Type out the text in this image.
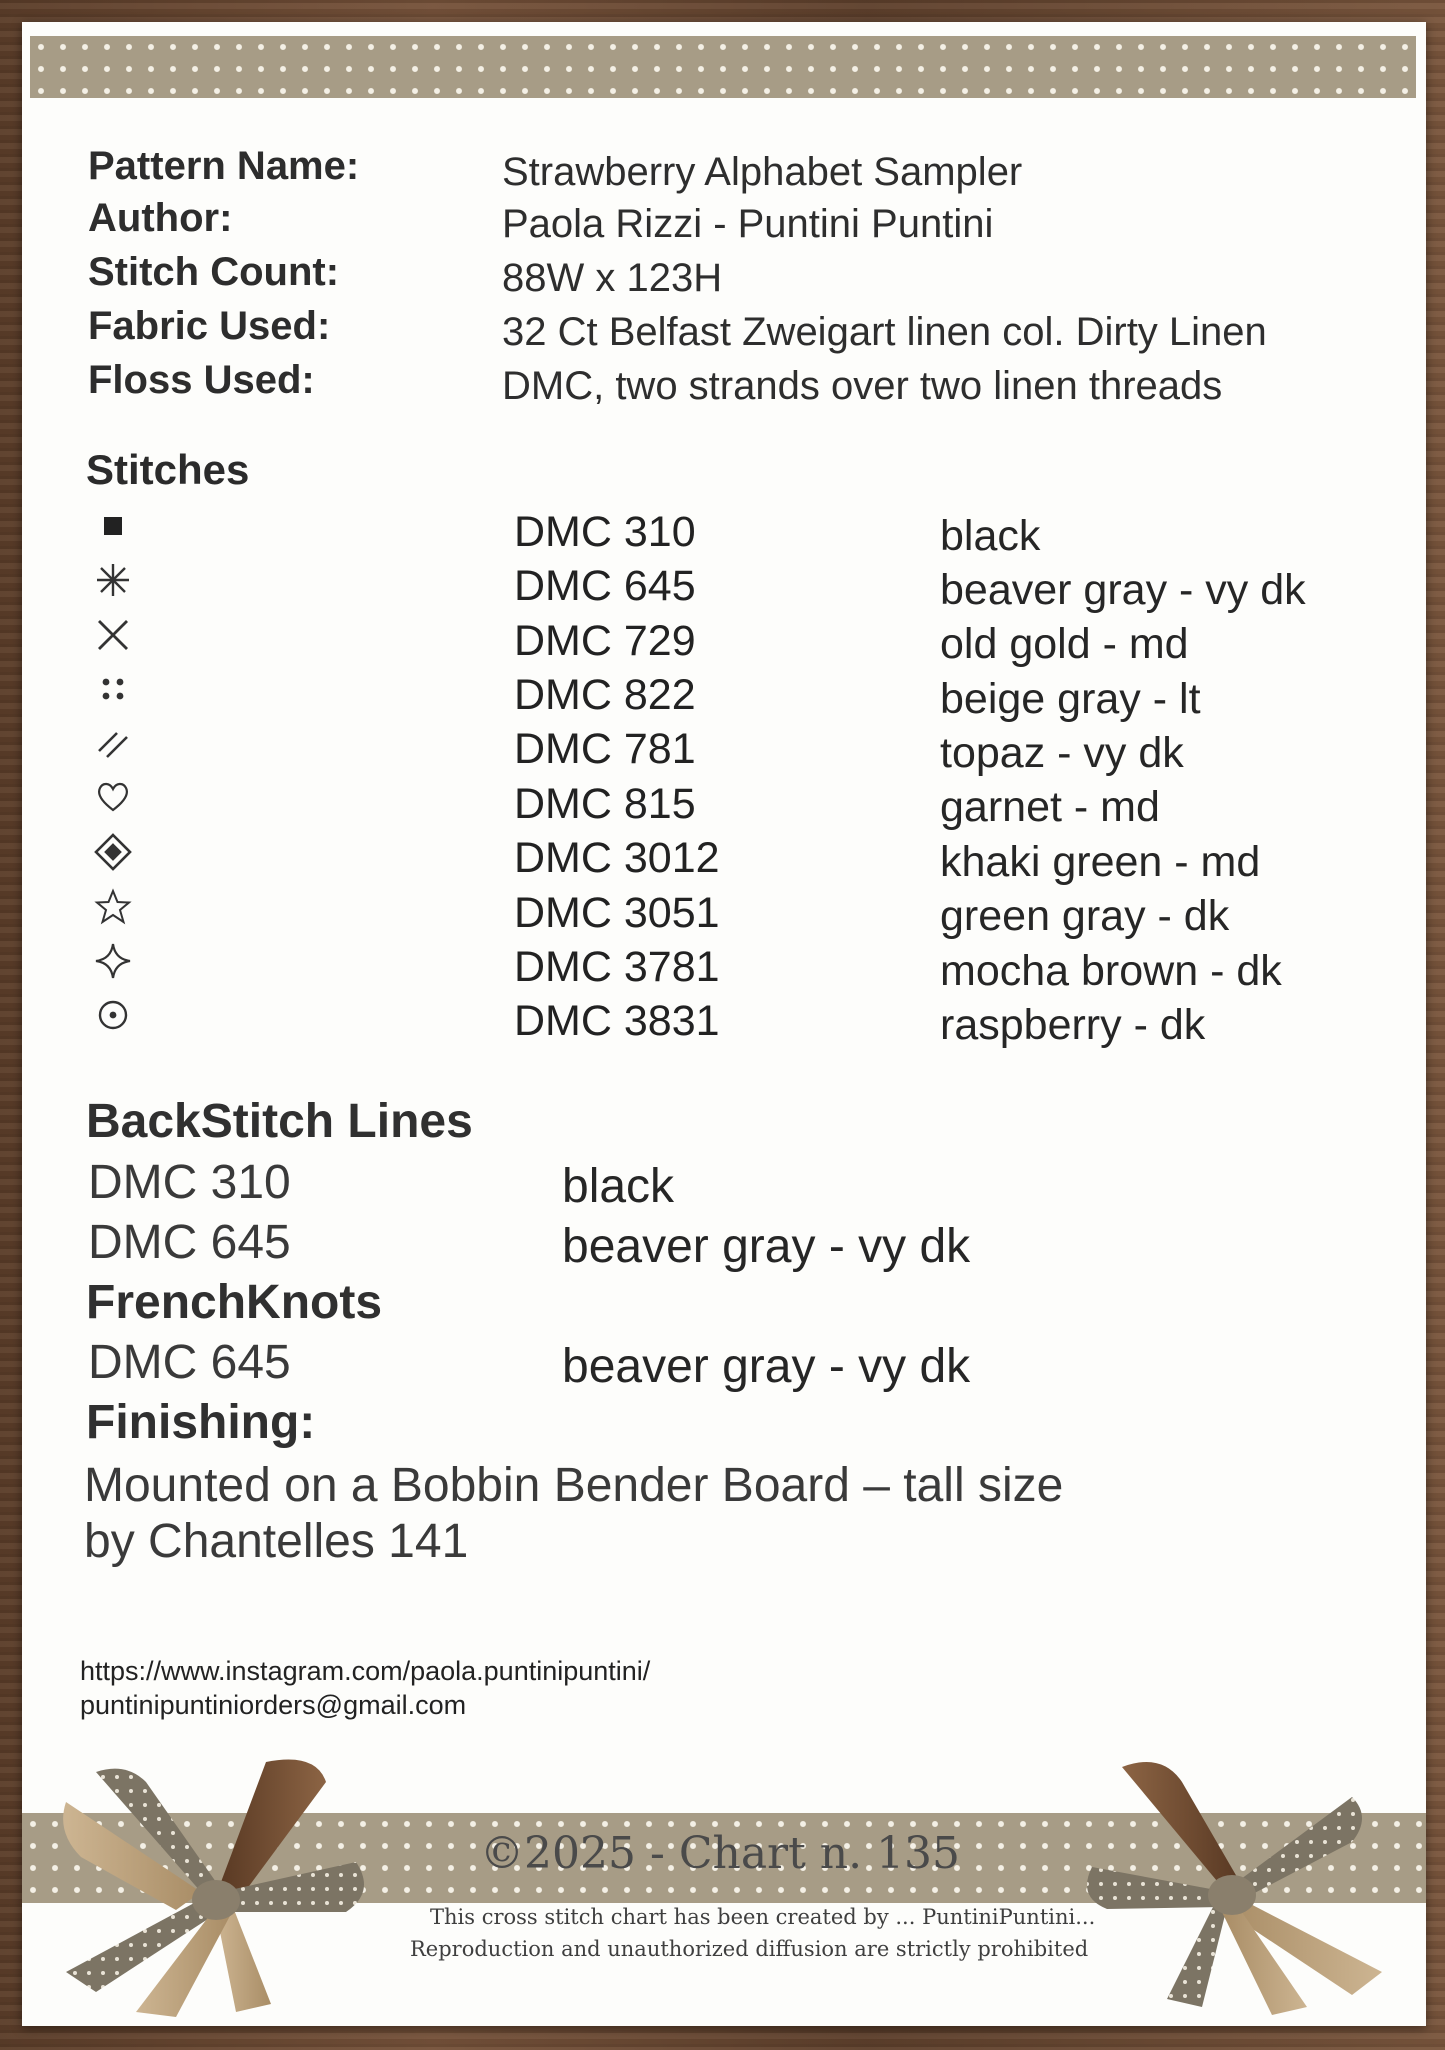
Pattern Name:	Strawberry Alphabet Sampler
Author:	Paola Rizzi - Puntini Puntini
Stitch Count:	88W x 123H
Fabric Used:	32 Ct Belfast Zweigart linen col. Dirty Linen
Floss Used:	DMC, two strands over two linen threads
Stitches
DMC 310	black
DMC 645	beaver gray - vy dk
DMC 729	old gold - md
DMC 822	beige gray - lt
DMC 781	topaz - vy dk
DMC 815	garnet - md
DMC 3012	khaki green - md
DMC 3051	green gray - dk
DMC 3781	mocha brown - dk
DMC 3831	raspberry - dk
BackStitch Lines
DMC 310	black
DMC 645	beaver gray - vy dk
FrenchKnots
DMC 645	beaver gray - vy dk
Finishing:
Mounted on a Bobbin Bender Board – tall size
by Chantelles 141
https://www.instagram.com/paola.puntinipuntini/
puntinipuntiniorders@gmail.com
©2025 - Chart n. 135
This cross stitch chart has been created by ... PuntiniPuntini...
Reproduction and unauthorized diffusion are strictly prohibited
